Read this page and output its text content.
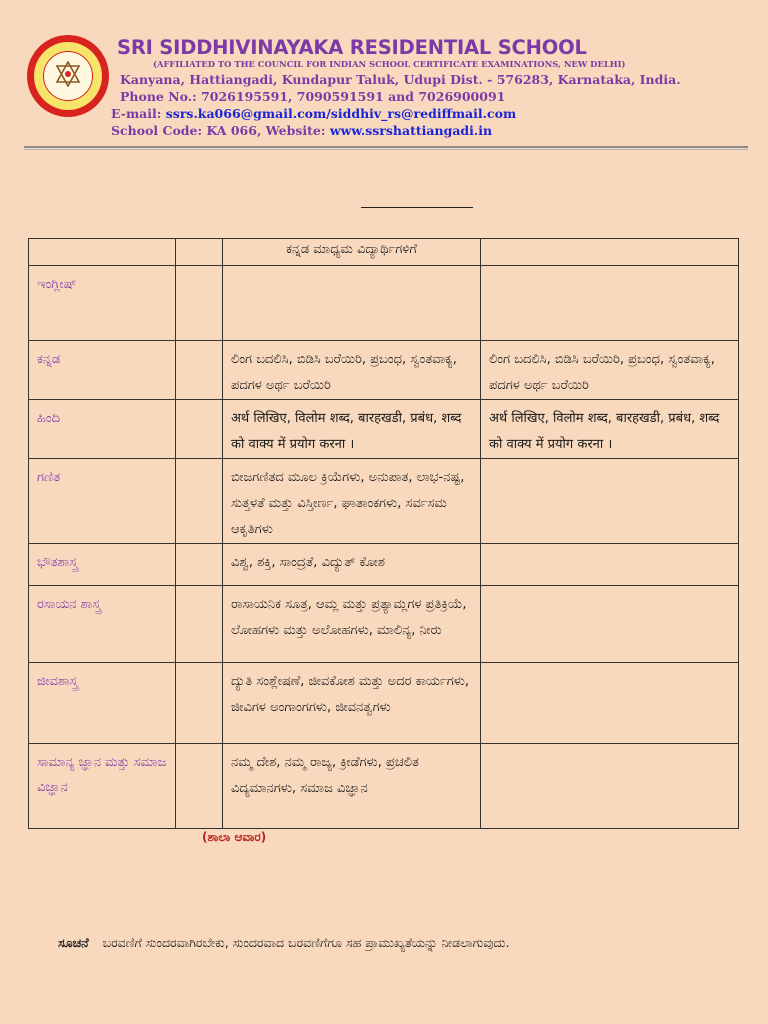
SRI SIDDHIVINAYAKA RESIDENTIAL SCHOOL
(AFFILIATED TO THE COUNCIL FOR INDIAN SCHOOL CERTIFICATE EXAMINATIONS, NEW DELHI)
Kanyana, Hattiangadi, Kundapur Taluk, Udupi Dist. - 576283, Karnataka, India.
Phone No.: 7026195591, 7090591591 and 7026900091
E-mail: ssrs.ka066@gmail.com/siddhiv_rs@rediffmail.com
School Code: KA 066, Website: www.ssrshattiangadi.in
		ಕನ್ನಡ ಮಾಧ್ಯಮ ವಿದ್ಯಾರ್ಥಿಗಳಿಗೆ	
ಇಂಗ್ಲೀಷ್			
ಕನ್ನಡ		ಲಿಂಗ ಬದಲಿಸಿ, ಬಿಡಿಸಿ ಬರೆಯಿರಿ, ಪ್ರಬಂಧ, ಸ್ವಂತವಾಕ್ಯ, ಪದಗಳ ಅರ್ಥ ಬರೆಯಿರಿ	ಲಿಂಗ ಬದಲಿಸಿ, ಬಿಡಿಸಿ ಬರೆಯಿರಿ, ಪ್ರಬಂಧ, ಸ್ವಂತವಾಕ್ಯ, ಪದಗಳ ಅರ್ಥ ಬರೆಯಿರಿ
ಹಿಂದಿ		अर्थ लिखिए, विलोम शब्द, बारहखडी, प्रबंध, शब्द को वाक्य में प्रयोग करना ।	अर्थ लिखिए, विलोम शब्द, बारहखडी, प्रबंध, शब्द को वाक्य में प्रयोग करना ।
ಗಣಿತ		ಬೀಜಗಣಿತದ ಮೂಲ ಕ್ರಿಯೆಗಳು, ಅನುಪಾತ, ಲಾಭ-ನಷ್ಟ, ಸುತ್ತಳತೆ ಮತ್ತು ವಿಸ್ತೀರ್ಣ, ಘಾತಾಂಕಗಳು, ಸರ್ವಸಮ ಆಕೃತಿಗಳು	
ಭೌತಶಾಸ್ತ್ರ		ವಿಶ್ವ, ಶಕ್ತಿ, ಸಾಂದ್ರತೆ, ವಿದ್ಯುತ್ ಕೋಶ	
ರಸಾಯನ ಶಾಸ್ತ್ರ		ರಾಸಾಯನಿಕ ಸೂತ್ರ, ಆಮ್ಲ ಮತ್ತು ಪ್ರತ್ಯಾಮ್ಲಗಳ ಪ್ರತಿಕ್ರಿಯೆ, ಲೋಹಗಳು ಮತ್ತು ಅಲೋಹಗಳು, ಮಾಲಿನ್ಯ, ನೀರು	
ಜೀವಶಾಸ್ತ್ರ		ದ್ಯುತಿ ಸಂಶ್ಲೇಷಣೆ, ಜೀವಕೋಶ ಮತ್ತು ಅದರ ಕಾರ್ಯಗಳು, ಜೀವಿಗಳ ಅಂಗಾಂಗಗಳು, ಜೀವನತ್ವಗಳು	
ಸಾಮಾನ್ಯ ಜ್ಞಾನ ಮತ್ತು ಸಮಾಜ ವಿಜ್ಞಾನ		ನಮ್ಮ ದೇಶ, ನಮ್ಮ ರಾಜ್ಯ, ಕ್ರೀಡೆಗಳು, ಪ್ರಚಲಿತ ವಿದ್ಯಮಾನಗಳು, ಸಮಾಜ ವಿಜ್ಞಾನ	
(ಶಾಲಾ ಆವಾರ)
ಸೂಚನೆ ಬರವಣಿಗೆ ಸುಂದರವಾಗಿರಬೇಕು, ಸುಂದರವಾದ ಬರವಣಿಗೆಗೂ ಸಹ ಪ್ರಾಮುಖ್ಯತೆಯನ್ನು ನೀಡಲಾಗುವುದು.
